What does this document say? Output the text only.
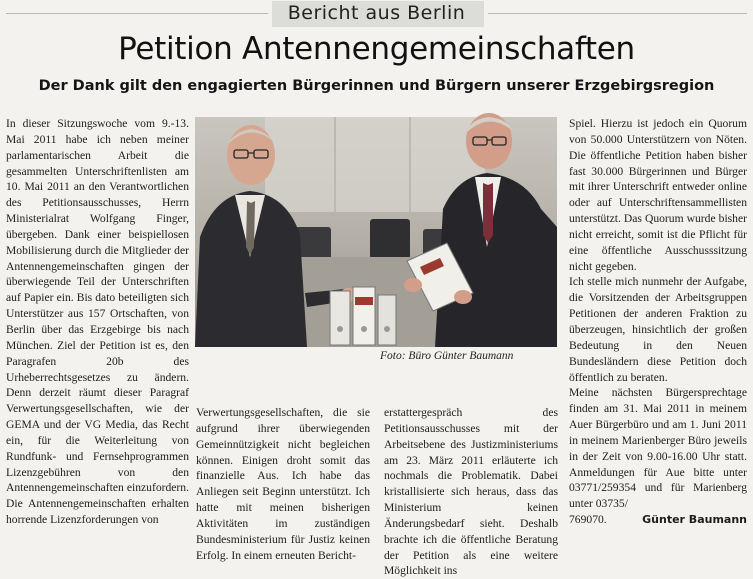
Bericht aus Berlin
Petition Antennengemeinschaften
Der Dank gilt den engagierten Bürgerinnen und Bürgern unserer Erzgebirgsregion

In dieser Sitzungswoche vom 9.-13. Mai 2011 habe ich neben meiner parlamentarischen Arbeit die gesammelten Unterschriftenlisten am 10. Mai 2011 an den Verantwortlichen des Petitionsausschusses, Herrn Ministerialrat Wolfgang Finger, übergeben. Dank einer beispiellosen Mobilisierung durch die Mitglieder der Antennengemeinschaften gingen der überwiegende Teil der Unterschriften auf Papier ein. Bis dato beteiligten sich Unterstützer aus 157 Ortschaften, von Berlin über das Erzgebirge bis nach München. Ziel der Petition ist es, den Paragrafen 20b des Urheberrechtsgesetzes zu ändern. Denn derzeit räumt dieser Paragraf Verwertungsgesellschaften, wie der GEMA und der VG Media, das Recht ein, für die Weiterleitung von Rundfunk- und Fernsehprogrammen Lizenzgebühren von den Antennengemeinschaften einzufordern. Die Antennengemeinschaften erhalten horrende Lizenzforderungen von

Foto: Büro Günter Baumann

Verwertungsgesellschaften, die sie aufgrund ihrer überwiegenden Gemeinnützigkeit nicht begleichen können. Einigen droht somit das finanzielle Aus. Ich habe das Anliegen seit Beginn unterstützt. Ich hatte mit meinen bisherigen Aktivitäten im zuständigen Bundesministerium für Justiz keinen Erfolg. In einem erneuten Bericht-

erstattergespräch des Petitionsausschusses mit der Arbeitsebene des Justizministeriums am 23. März 2011 erläuterte ich nochmals die Problematik. Dabei kristallisierte sich heraus, dass das Ministerium keinen Änderungsbedarf sieht. Deshalb brachte ich die öffentliche Beratung der Petition als eine weitere Möglichkeit ins

Spiel. Hierzu ist jedoch ein Quorum von 50.000 Unterstützern von Nöten. Die öffentliche Petition haben bisher fast 30.000 Bürgerinnen und Bürger mit ihrer Unterschrift entweder online oder auf Unterschriftensammellisten unterstützt. Das Quorum wurde bisher nicht erreicht, somit ist die Pflicht für eine öffentliche Ausschusssitzung nicht gegeben.

Ich stelle mich nunmehr der Aufgabe, die Vorsitzenden der Arbeitsgruppen Petitionen der anderen Fraktion zu überzeugen, hinsichtlich der großen Bedeutung in den Neuen Bundesländern diese Petition doch öffentlich zu beraten.

Meine nächsten Bürgersprechtage finden am 31. Mai 2011 in meinem Auer Bürgerbüro und am 1. Juni 2011 in meinem Marienberger Büro jeweils in der Zeit von 9.00-16.00 Uhr statt. Anmeldungen für Aue bitte unter 03771/259354 und für Marienberg unter 03735/

769070.	Günter Baumann
